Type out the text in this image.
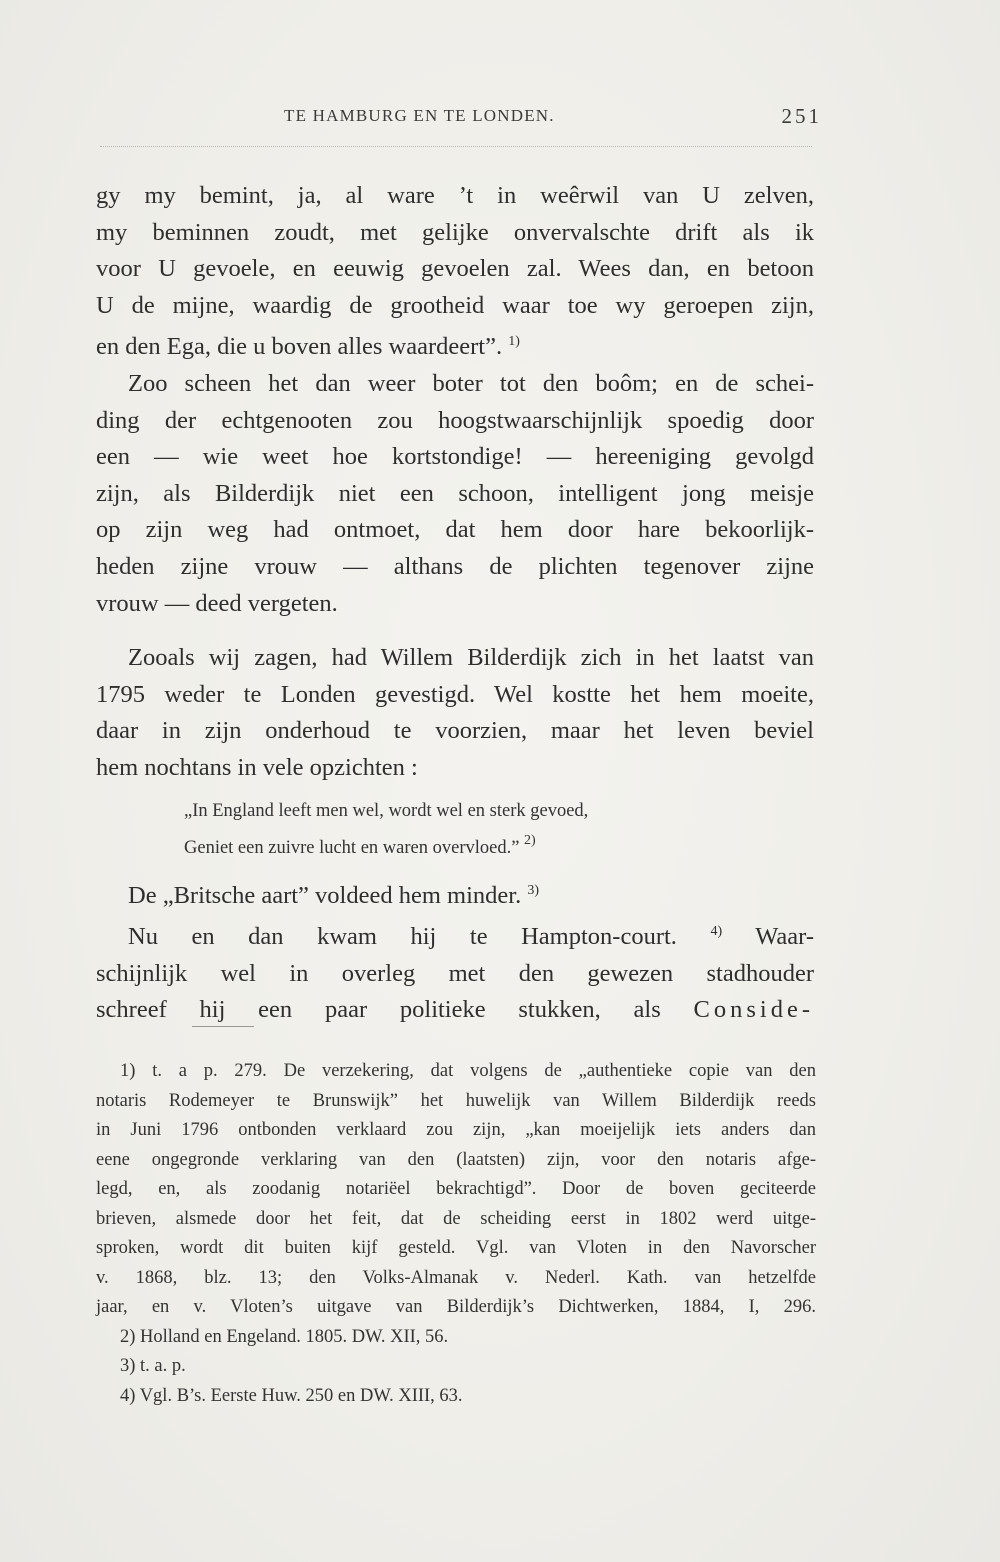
TE HAMBURG EN TE LONDEN.	251

gy my bemint, ja, al ware ’t in weêrwil van U zelven,

my beminnen zoudt, met gelijke onvervalschte drift als ik

voor U gevoele, en eeuwig gevoelen zal. Wees dan, en betoon

U de mijne, waardig de grootheid waar toe wy geroepen zijn,

en den Ega, die u boven alles waardeert”. $^{1)}$

Zoo scheen het dan weer boter tot den boôm; en de schei-

ding der echtgenooten zou hoogstwaarschijnlijk spoedig door

een — wie weet hoe kortstondige! — hereeniging gevolgd

zijn, als Bilderdijk niet een schoon, intelligent jong meisje

op zijn weg had ontmoet, dat hem door hare bekoorlijk-

heden zijne vrouw — althans de plichten tegenover zijne

vrouw — deed vergeten.

Zooals wij zagen, had Willem Bilderdijk zich in het laatst van

1795 weder te Londen gevestigd. Wel kostte het hem moeite,

daar in zijn onderhoud te voorzien, maar het leven beviel

hem nochtans in vele opzichten :

„In England leeft men wel, wordt wel en sterk gevoed,
Geniet een zuivre lucht en waren overvloed.” $^{2)}$

De „Britsche aart” voldeed hem minder. $^{3)}$

Nu en dan kwam hij te Hampton-court. $^{4)}$ Waar-

schijnlijk wel in overleg met den gewezen stadhouder

schreef hij een paar politieke stukken, als Conside-

1) t. a p. 279. De verzekering, dat volgens de „authentieke copie van den

notaris Rodemeyer te Brunswijk” het huwelijk van Willem Bilderdijk reeds

in Juni 1796 ontbonden verklaard zou zijn, „kan moeijelijk iets anders dan

eene ongegronde verklaring van den (laatsten) zijn, voor den notaris afge-

legd, en, als zoodanig notariëel bekrachtigd”. Door de boven geciteerde

brieven, alsmede door het feit, dat de scheiding eerst in 1802 werd uitge-

sproken, wordt dit buiten kijf gesteld. Vgl. van Vloten in den Navorscher

v. 1868, blz. 13; den Volks-Almanak v. Nederl. Kath. van hetzelfde

jaar, en v. Vloten’s uitgave van Bilderdijk’s Dichtwerken, 1884, I, 296.

2) Holland en Engeland. 1805. DW. XII, 56.

3) t. a. p.

4) Vgl. B’s. Eerste Huw. 250 en DW. XIII, 63.
